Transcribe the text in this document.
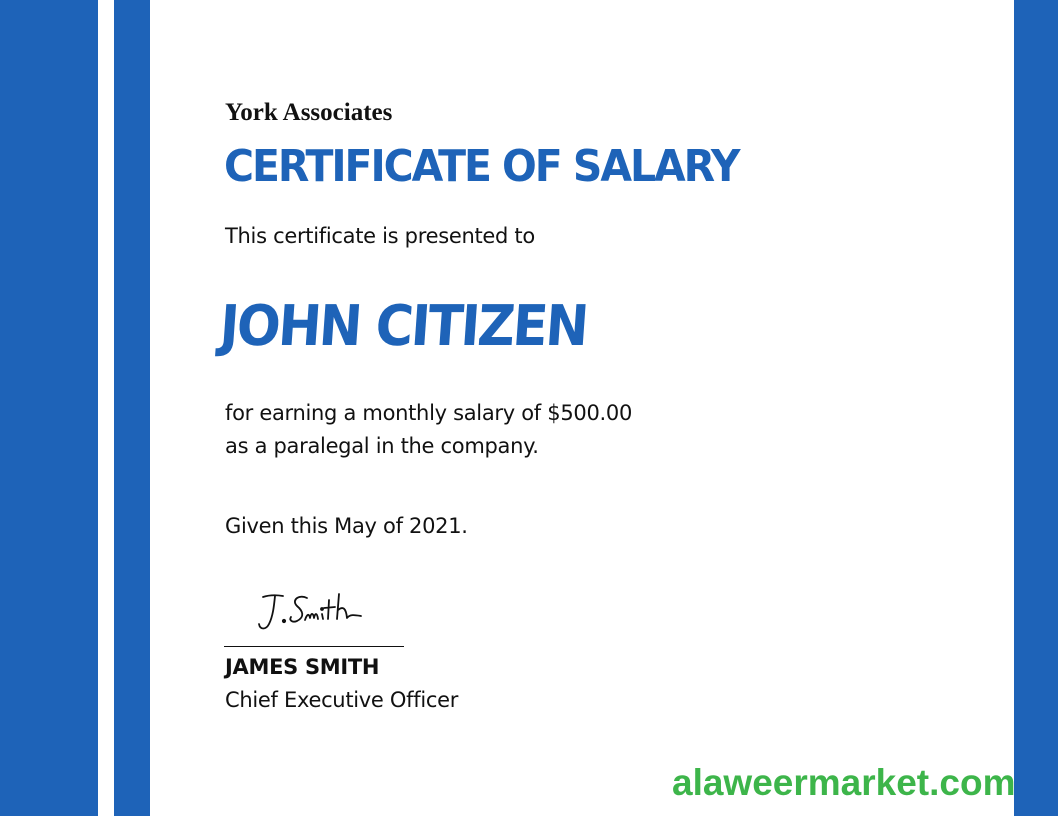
York Associates

CERTIFICATE OF SALARY

This certificate is presented to

JOHN CITIZEN

for earning a monthly salary of $500.00

as a paralegal in the company.

Given this May of 2021.

JAMES SMITH

Chief Executive Officer

alaweermarket.com
